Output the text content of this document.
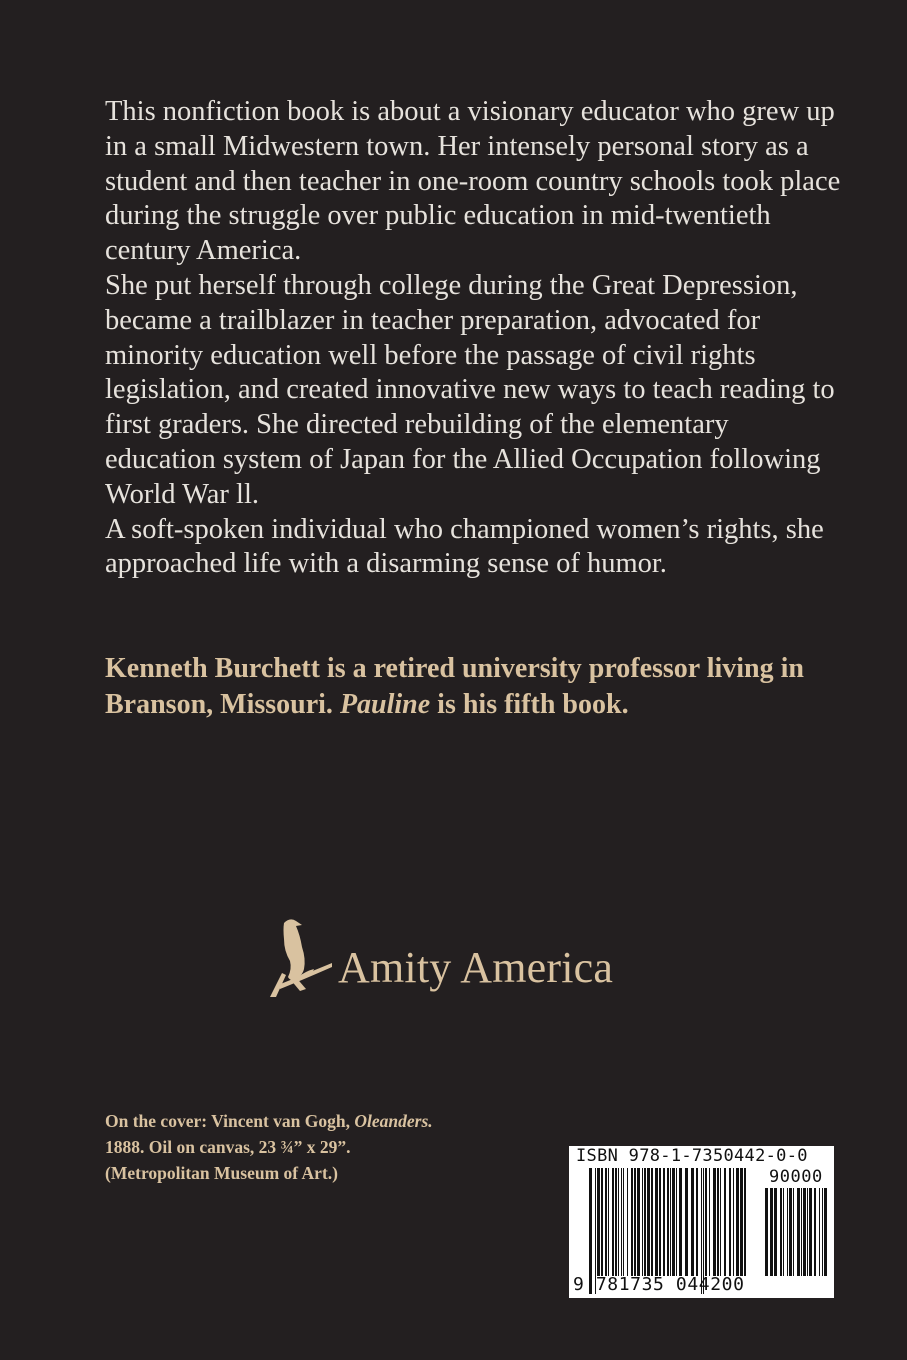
This nonfiction book is about a visionary educator who grew up in a small Midwestern town. Her intensely personal story as a student and then teacher in one-room country schools took place during the struggle over public education in mid-twentieth century America.

She put herself through college during the Great Depression, became a trailblazer in teacher preparation, advocated for minority education well before the passage of civil rights legislation, and created innovative new ways to teach reading to first graders. She directed rebuilding of the elementary education system of Japan for the Allied Occupation following World War ll.

A soft-spoken individual who championed women’s rights, she approached life with a disarming sense of humor.

Kenneth Burchett is a retired university professor living in Branson, Missouri. Pauline is his fifth book.
Amity America
On the cover: Vincent van Gogh, Oleanders.
1888. Oil on canvas, 23 ¾” x 29”.
(Metropolitan Museum of Art.)
ISBN 978-1-7350442-0-0
90000
9 781735 044200
